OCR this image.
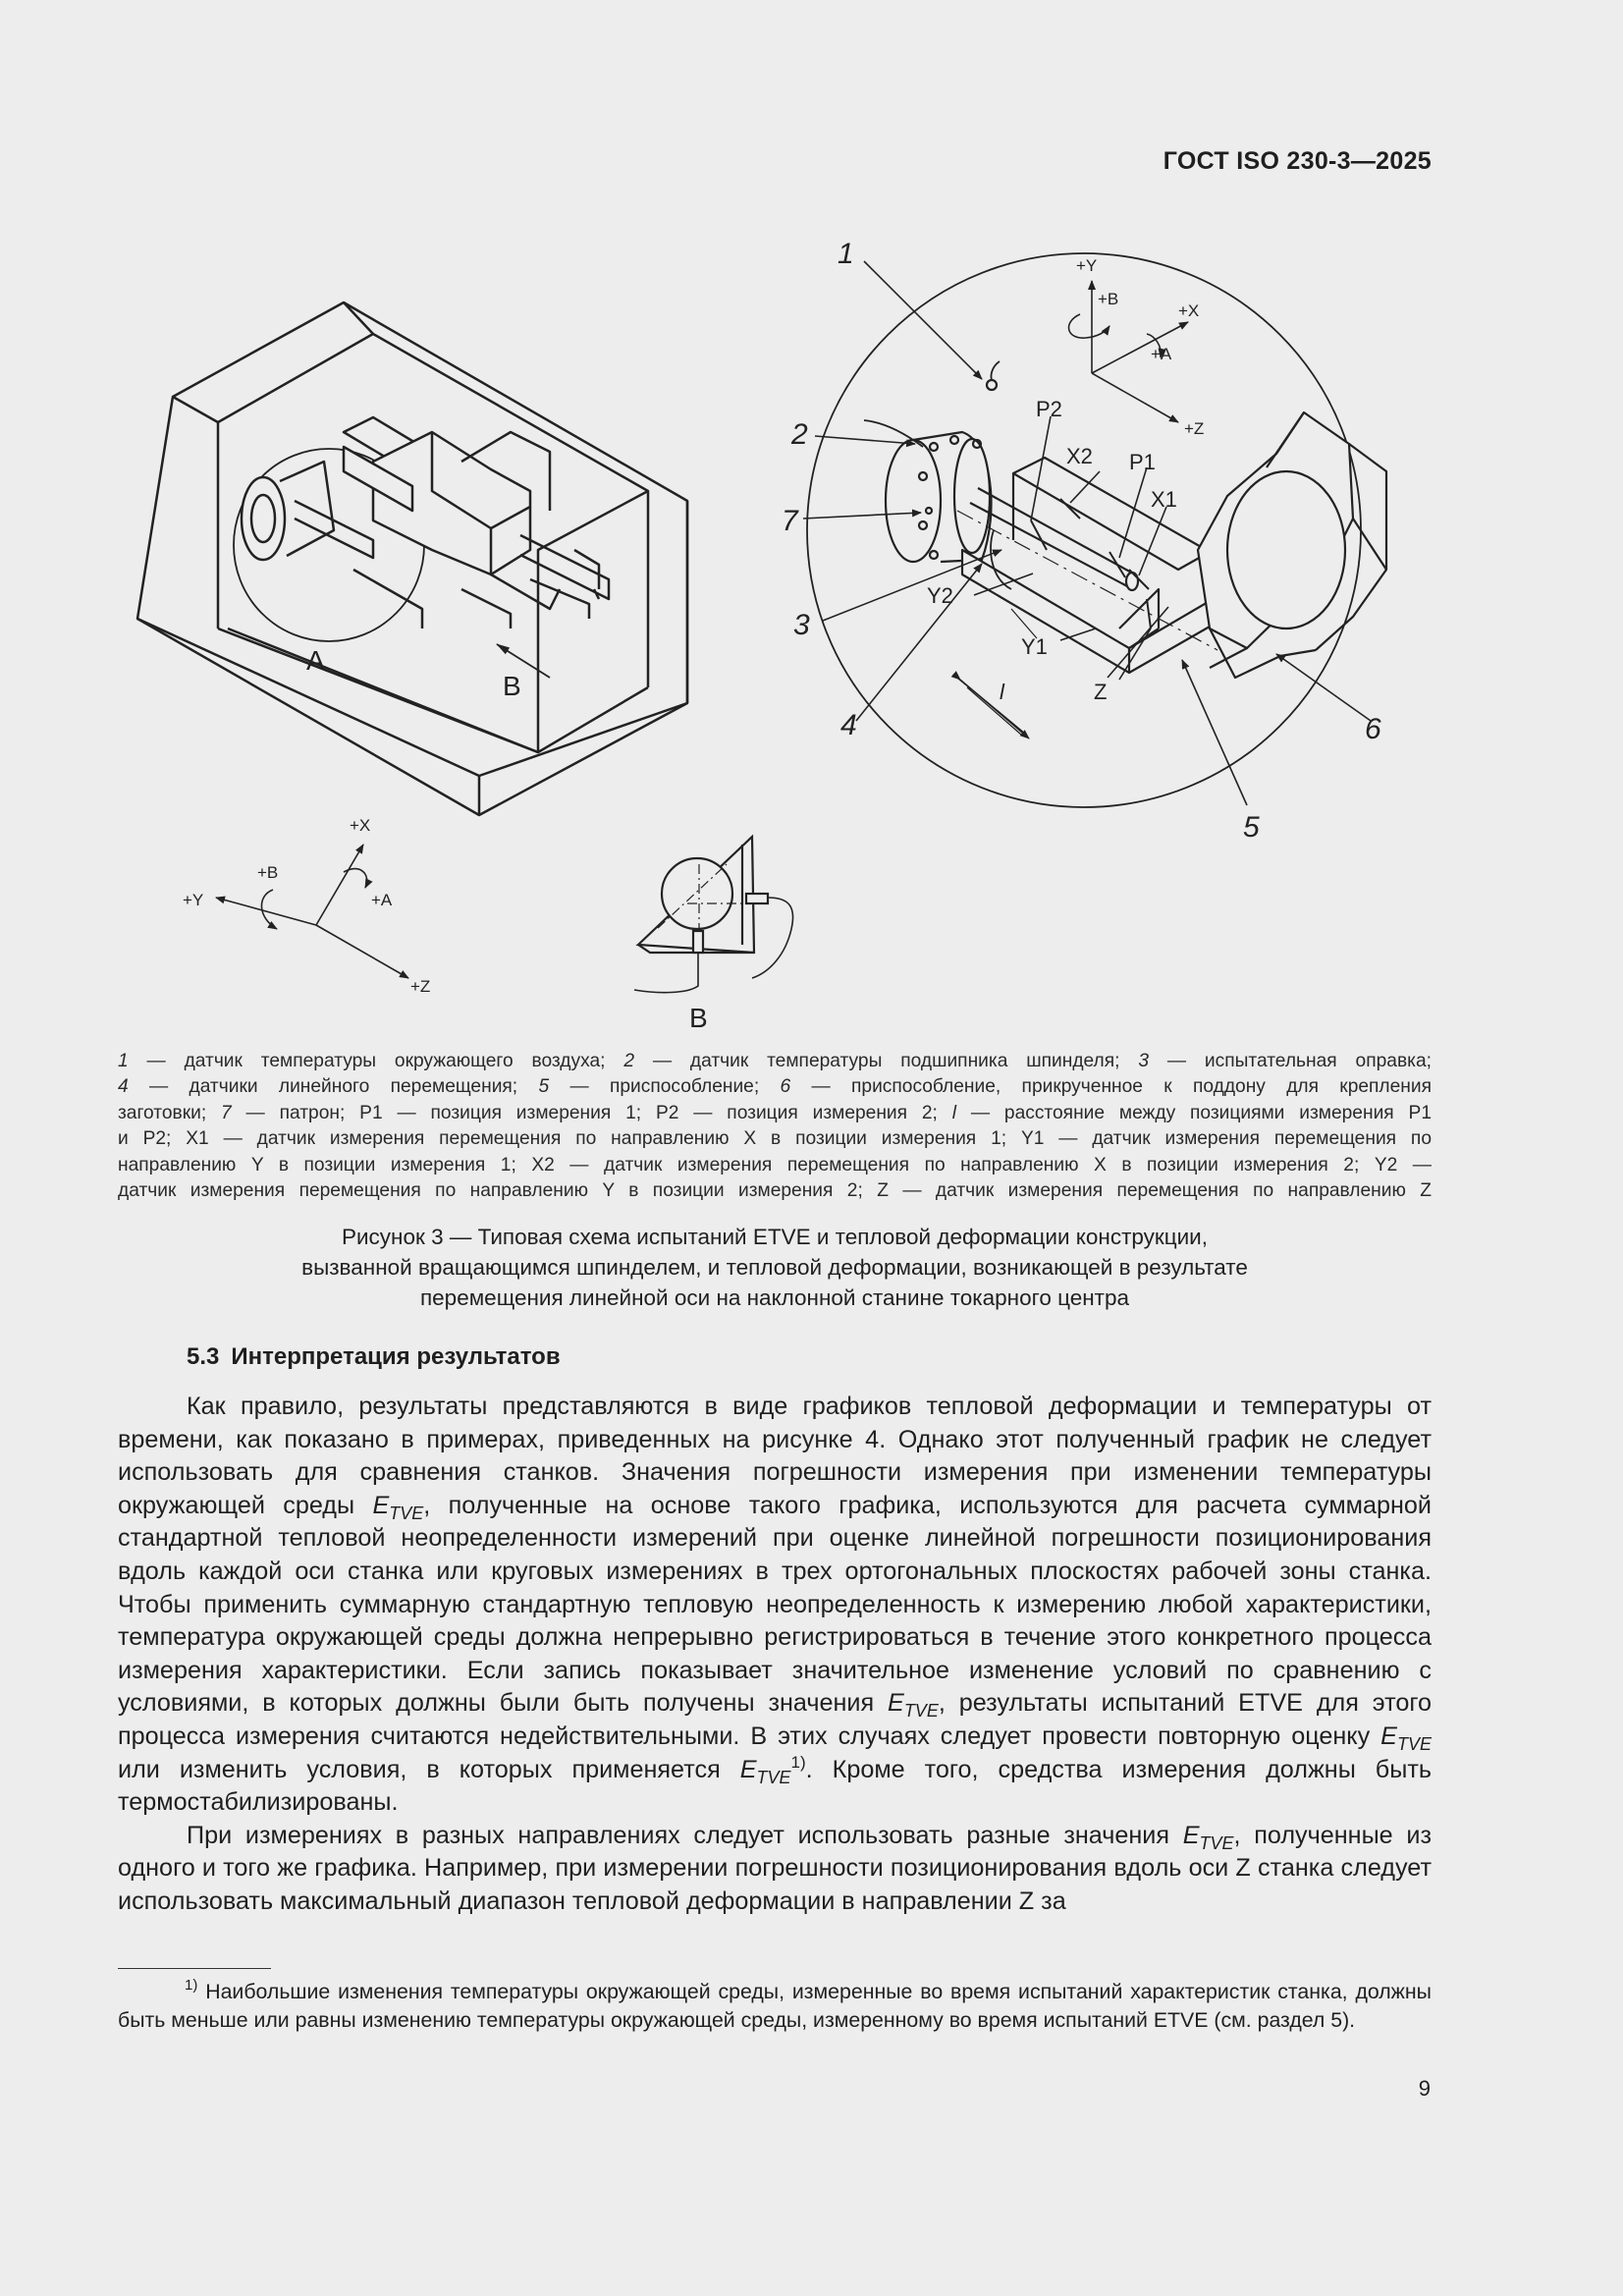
ГОСТ ISO 230-3—2025
A
B
+Y
+B
+X
+A
+Z
1
2
7
3
4
5
6
P2
X2 P1
X1
Y2
Y1
Z
l
+X
+B
+Y	+A
+Z
B
1 — датчик температуры окружающего воздуха; 2 — датчик температуры подшипника шпинделя; 3 — испытательная оправка;
4 — датчики линейного перемещения; 5 — приспособление; 6 — приспособление, прикрученное к поддону для крепления
заготовки; 7 — патрон; P1 — позиция измерения 1; P2 — позиция измерения 2; l — расстояние между позициями измерения P1
и P2; X1 — датчик измерения перемещения по направлению X в позиции измерения 1; Y1 — датчик измерения перемещения по
направлению Y в позиции измерения 1; X2 — датчик измерения перемещения по направлению X в позиции измерения 2; Y2 —
датчик измерения перемещения по направлению Y в позиции измерения 2; Z — датчик измерения перемещения по направлению Z
Рисунок 3 — Типовая схема испытаний ETVE и тепловой деформации конструкции,
вызванной вращающимся шпинделем, и тепловой деформации, возникающей в результате
перемещения линейной оси на наклонной станине токарного центра
5.3 Интерпретация результатов

Как правило, результаты представляются в виде графиков тепловой деформации и температуры от времени, как показано в примерах, приведенных на рисунке 4. Однако этот полученный график не следует использовать для сравнения станков. Значения погрешности измерения при изменении температуры окружающей среды $E_{TVE}$, полученные на основе такого графика, используются для расчета суммарной стандартной тепловой неопределенности измерений при оценке линейной погрешности позиционирования вдоль каждой оси станка или круговых измерениях в трех ортогональных плоскостях рабочей зоны станка. Чтобы применить суммарную стандартную тепловую неопределенность к измерению любой характеристики, температура окружающей среды должна непрерывно регистрироваться в течение этого конкретного процесса измерения характеристики. Если запись показывает значительное изменение условий по сравнению с условиями, в которых должны были быть получены значения $E_{TVE}$, результаты испытаний ETVE для этого процесса измерения считаются недействительными. В этих случаях следует провести повторную оценку $E_{TVE}$ или изменить условия, в которых применяется $E_{TVE}^{1)}$. Кроме того, средства измерения должны быть термостабилизированы.

При измерениях в разных направлениях следует использовать разные значения $E_{TVE}$, полученные из одного и того же графика. Например, при измерении погрешности позиционирования вдоль оси Z станка следует использовать максимальный диапазон тепловой деформации в направлении Z за

$^{1)}$ Наибольшие изменения температуры окружающей среды, измеренные во время испытаний характеристик станка, должны быть меньше или равны изменению температуры окружающей среды, измеренному во время испытаний ETVE (см. раздел 5).
9
